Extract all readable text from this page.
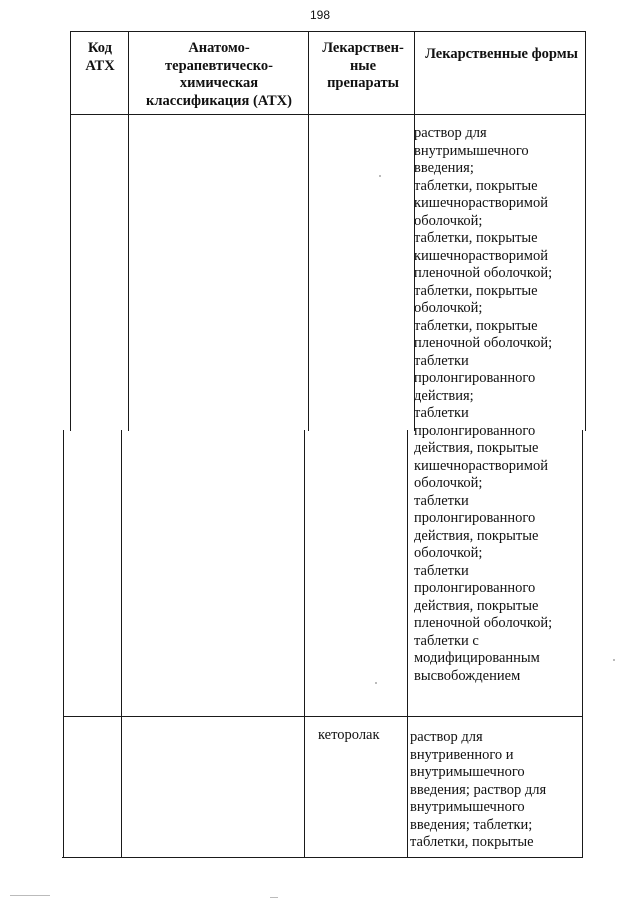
198
Код АТХ
Анатомо-терапевтическо-химическая классификация (АТХ)
Лекарствен-ные препараты
Лекарственные формы
раствор для
внутримышечного
введения;
таблетки, покрытые
кишечнорастворимой
оболочкой;
таблетки, покрытые
кишечнорастворимой
пленочной оболочкой;
таблетки, покрытые
оболочкой;
таблетки, покрытые
пленочной оболочкой;
таблетки
пролонгированного
действия;
таблетки
пролонгированного
действия, покрытые
кишечнорастворимой
оболочкой;
таблетки
пролонгированного
действия, покрытые
оболочкой;
таблетки
пролонгированного
действия, покрытые
пленочной оболочкой;
таблетки с
модифицированным
высвобождением
кеторолак	раствор для
внутривенного и
внутримышечного
введения; раствор для
внутримышечного
введения; таблетки;
таблетки, покрытые
